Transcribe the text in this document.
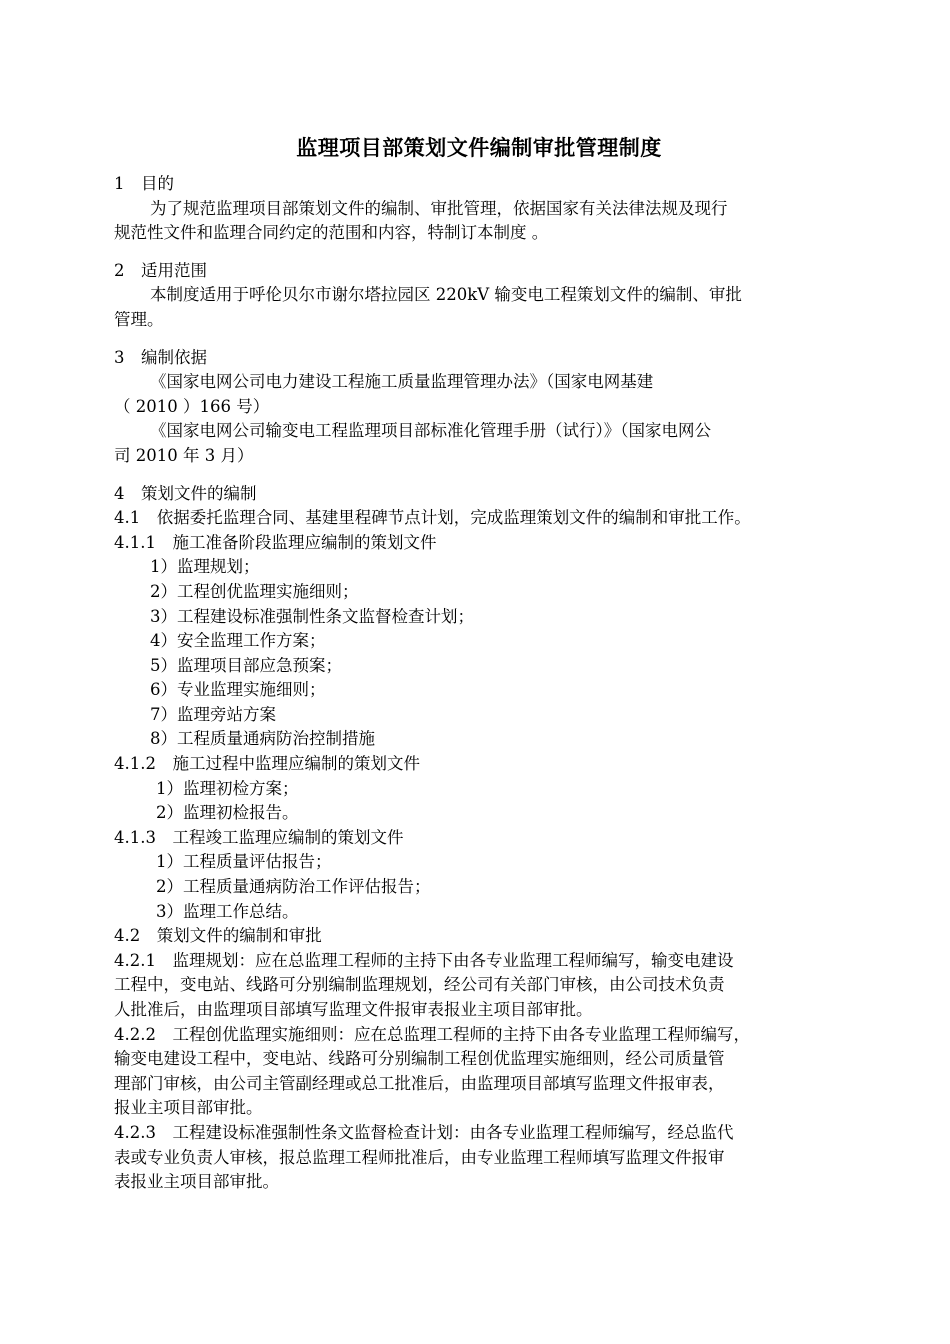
监理项目部策划文件编制审批管理制度
1　目的
为了规范监理项目部策划文件的编制、审批管理，依据国家有关法律法规及现行
规范性文件和监理合同约定的范围和内容，特制订本制度 。
2　适用范围
本制度适用于呼伦贝尔市谢尔塔拉园区 220kV 输变电工程策划文件的编制、审批
管理。
3　编制依据
《国家电网公司电力建设工程施工质量监理管理办法》（国家电网基建
（ 2010 ）166 号）
《国家电网公司输变电工程监理项目部标准化管理手册（试行）》（国家电网公
司 2010 年 3 月）
4　策划文件的编制
4.1　依据委托监理合同、基建里程碑节点计划，完成监理策划文件的编制和审批工作。
4.1.1　施工准备阶段监理应编制的策划文件
1）监理规划；
2）工程创优监理实施细则；
3）工程建设标准强制性条文监督检查计划；
4）安全监理工作方案；
5）监理项目部应急预案；
6）专业监理实施细则；
7）监理旁站方案
8）工程质量通病防治控制措施
4.1.2　施工过程中监理应编制的策划文件
1）监理初检方案；
2）监理初检报告。
4.1.3　工程竣工监理应编制的策划文件
1）工程质量评估报告；
2）工程质量通病防治工作评估报告；
3）监理工作总结。
4.2　策划文件的编制和审批
4.2.1　监理规划：应在总监理工程师的主持下由各专业监理工程师编写，输变电建设
工程中，变电站、线路可分别编制监理规划，经公司有关部门审核，由公司技术负责
人批准后，由监理项目部填写监理文件报审表报业主项目部审批。
4.2.2　工程创优监理实施细则：应在总监理工程师的主持下由各专业监理工程师编写，
输变电建设工程中，变电站、线路可分别编制工程创优监理实施细则，经公司质量管
理部门审核，由公司主管副经理或总工批准后，由监理项目部填写监理文件报审表，
报业主项目部审批。
4.2.3　工程建设标准强制性条文监督检查计划：由各专业监理工程师编写，经总监代
表或专业负责人审核，报总监理工程师批准后，由专业监理工程师填写监理文件报审
表报业主项目部审批。
